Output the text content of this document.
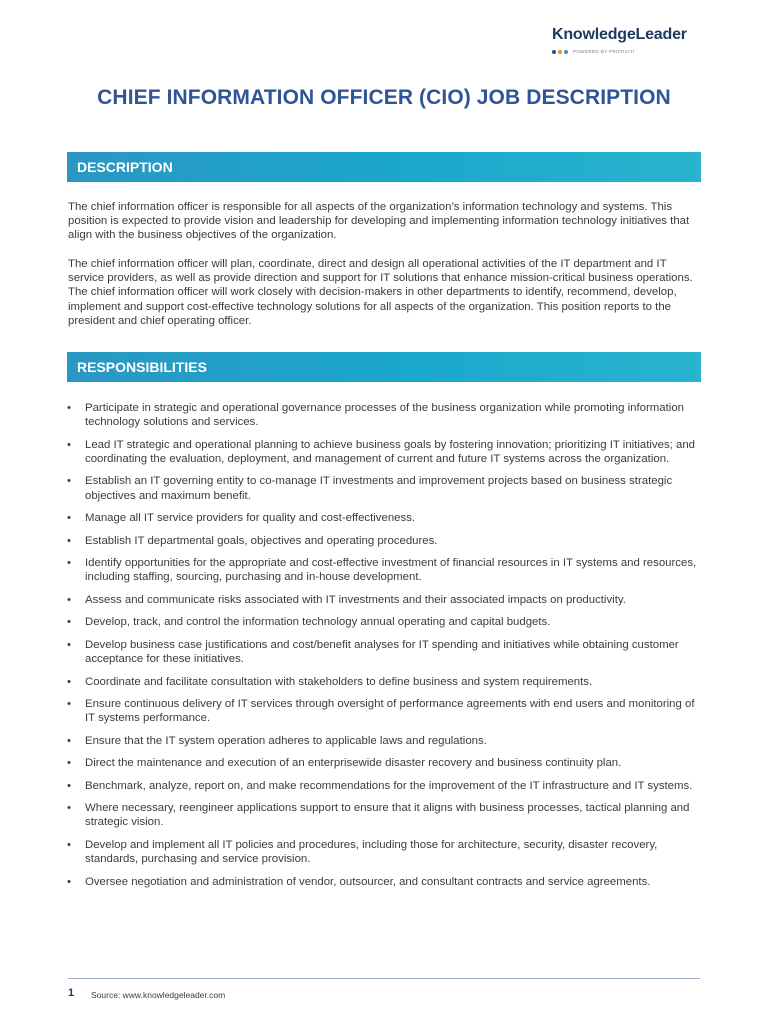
KnowledgeLeader
POWERED BY PROTIVITI
CHIEF INFORMATION OFFICER (CIO) JOB DESCRIPTION
DESCRIPTION

The chief information officer is responsible for all aspects of the organization’s information technology and systems. This position is expected to provide vision and leadership for developing and implementing information technology initiatives that align with the business objectives of the organization.

The chief information officer will plan, coordinate, direct and design all operational activities of the IT department and IT service providers, as well as provide direction and support for IT solutions that enhance mission-critical business operations. The chief information officer will work closely with decision-makers in other departments to identify, recommend, develop, implement and support cost-effective technology solutions for all aspects of the organization. This position reports to the president and chief operating officer.

RESPONSIBILITIES
• Participate in strategic and operational governance processes of the business organization while promoting information technology solutions and services.
• Lead IT strategic and operational planning to achieve business goals by fostering innovation; prioritizing IT initiatives; and coordinating the evaluation, deployment, and management of current and future IT systems across the organization.
• Establish an IT governing entity to co-manage IT investments and improvement projects based on business strategic objectives and maximum benefit.
• Manage all IT service providers for quality and cost-effectiveness.
• Establish IT departmental goals, objectives and operating procedures.
• Identify opportunities for the appropriate and cost-effective investment of financial resources in IT systems and resources, including staffing, sourcing, purchasing and in-house development.
• Assess and communicate risks associated with IT investments and their associated impacts on productivity.
• Develop, track, and control the information technology annual operating and capital budgets.
• Develop business case justifications and cost/benefit analyses for IT spending and initiatives while obtaining customer acceptance for these initiatives.
• Coordinate and facilitate consultation with stakeholders to define business and system requirements.
• Ensure continuous delivery of IT services through oversight of performance agreements with end users and monitoring of IT systems performance.
• Ensure that the IT system operation adheres to applicable laws and regulations.
• Direct the maintenance and execution of an enterprisewide disaster recovery and business continuity plan.
• Benchmark, analyze, report on, and make recommendations for the improvement of the IT infrastructure and IT systems.
• Where necessary, reengineer applications support to ensure that it aligns with business processes, tactical planning and strategic vision.
• Develop and implement all IT policies and procedures, including those for architecture, security, disaster recovery, standards, purchasing and service provision.
• Oversee negotiation and administration of vendor, outsourcer, and consultant contracts and service agreements.
1 Source: www.knowledgeleader.com
